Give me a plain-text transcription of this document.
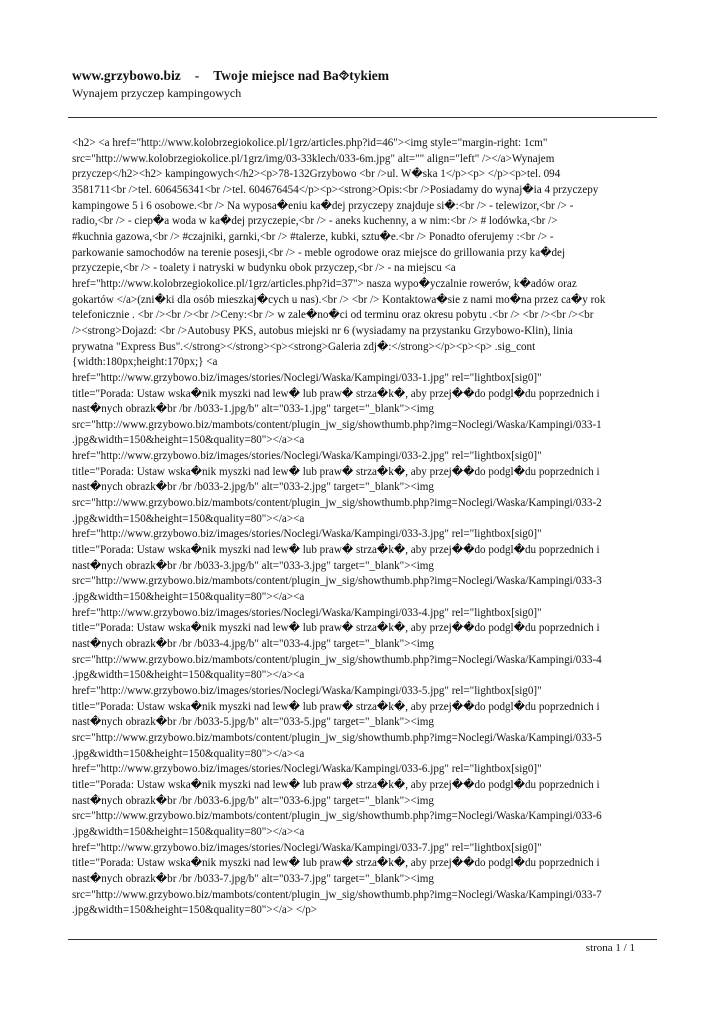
www.grzybowo.biz - Twoje miejsce nad Ba⯑tykiem
Wynajem przyczep kampingowych
<h2> <a href="http://www.kolobrzegiokolice.pl/1grz/articles.php?id=46"><img style="margin-right: 1cm"
src="http://www.kolobrzegiokolice.pl/1grz/img/03-33klech/033-6m.jpg" alt="" align="left" /></a>Wynajem
przyczep</h2><h2> kampingowych</h2><p>78-132Grzybowo <br />ul. W�ska 1</p><p> </p><p>tel. 094
3581711<br />tel. 606456341<br />tel. 604676454</p><p><strong>Opis:<br />Posiadamy do wynaj�ia 4 przyczepy
kampingowe 5 i 6 osobowe.<br /> Na wyposa�eniu ka�dej przyczepy znajduje si�:<br /> - telewizor,<br /> -
radio,<br /> - ciep�a woda w ka�dej przyczepie,<br /> - aneks kuchenny, a w nim:<br /> # lodówka,<br />
#kuchnia gazowa,<br /> #czajniki, garnki,<br /> #talerze, kubki, sztu�e.<br /> Ponadto oferujemy :<br /> -
parkowanie samochodów na terenie posesji,<br /> - meble ogrodowe oraz miejsce do grillowania przy ka�dej
przyczepie,<br /> - toalety i natryski w budynku obok przyczep,<br /> - na miejscu <a
href="http://www.kolobrzegiokolice.pl/1grz/articles.php?id=37"> nasza wypo�yczalnie rowerów, k�adów oraz
gokartów </a>(zni�ki dla osób mieszkaj�cych u nas).<br /> <br /> Kontaktowa�sie z nami mo�na przez ca�y rok
telefonicznie . <br /><br /><br />Ceny:<br /> w zale�no�ci od terminu oraz okresu pobytu .<br /> <br /><br /><br
/><strong>Dojazd: <br />Autobusy PKS, autobus miejski nr 6 (wysiadamy na przystanku Grzybowo-Klin), linia
prywatna "Express Bus".</strong></strong><p><strong>Galeria zdj�:</strong></p><p><p> .sig_cont
{width:180px;height:170px;} <a
href="http://www.grzybowo.biz/images/stories/Noclegi/Waska/Kampingi/033-1.jpg" rel="lightbox[sig0]"
title="Porada: Ustaw wska�nik myszki nad lew� lub praw� strza�k�, aby przej��do podgl�du poprzednich i
nast�nych obrazk�br /br /b033-1.jpg/b" alt="033-1.jpg" target="_blank"><img
src="http://www.grzybowo.biz/mambots/content/plugin_jw_sig/showthumb.php?img=Noclegi/Waska/Kampingi/033-1
.jpg&width=150&height=150&quality=80"></a><a
href="http://www.grzybowo.biz/images/stories/Noclegi/Waska/Kampingi/033-2.jpg" rel="lightbox[sig0]"
title="Porada: Ustaw wska�nik myszki nad lew� lub praw� strza�k�, aby przej��do podgl�du poprzednich i
nast�nych obrazk�br /br /b033-2.jpg/b" alt="033-2.jpg" target="_blank"><img
src="http://www.grzybowo.biz/mambots/content/plugin_jw_sig/showthumb.php?img=Noclegi/Waska/Kampingi/033-2
.jpg&width=150&height=150&quality=80"></a><a
href="http://www.grzybowo.biz/images/stories/Noclegi/Waska/Kampingi/033-3.jpg" rel="lightbox[sig0]"
title="Porada: Ustaw wska�nik myszki nad lew� lub praw� strza�k�, aby przej��do podgl�du poprzednich i
nast�nych obrazk�br /br /b033-3.jpg/b" alt="033-3.jpg" target="_blank"><img
src="http://www.grzybowo.biz/mambots/content/plugin_jw_sig/showthumb.php?img=Noclegi/Waska/Kampingi/033-3
.jpg&width=150&height=150&quality=80"></a><a
href="http://www.grzybowo.biz/images/stories/Noclegi/Waska/Kampingi/033-4.jpg" rel="lightbox[sig0]"
title="Porada: Ustaw wska�nik myszki nad lew� lub praw� strza�k�, aby przej��do podgl�du poprzednich i
nast�nych obrazk�br /br /b033-4.jpg/b" alt="033-4.jpg" target="_blank"><img
src="http://www.grzybowo.biz/mambots/content/plugin_jw_sig/showthumb.php?img=Noclegi/Waska/Kampingi/033-4
.jpg&width=150&height=150&quality=80"></a><a
href="http://www.grzybowo.biz/images/stories/Noclegi/Waska/Kampingi/033-5.jpg" rel="lightbox[sig0]"
title="Porada: Ustaw wska�nik myszki nad lew� lub praw� strza�k�, aby przej��do podgl�du poprzednich i
nast�nych obrazk�br /br /b033-5.jpg/b" alt="033-5.jpg" target="_blank"><img
src="http://www.grzybowo.biz/mambots/content/plugin_jw_sig/showthumb.php?img=Noclegi/Waska/Kampingi/033-5
.jpg&width=150&height=150&quality=80"></a><a
href="http://www.grzybowo.biz/images/stories/Noclegi/Waska/Kampingi/033-6.jpg" rel="lightbox[sig0]"
title="Porada: Ustaw wska�nik myszki nad lew� lub praw� strza�k�, aby przej��do podgl�du poprzednich i
nast�nych obrazk�br /br /b033-6.jpg/b" alt="033-6.jpg" target="_blank"><img
src="http://www.grzybowo.biz/mambots/content/plugin_jw_sig/showthumb.php?img=Noclegi/Waska/Kampingi/033-6
.jpg&width=150&height=150&quality=80"></a><a
href="http://www.grzybowo.biz/images/stories/Noclegi/Waska/Kampingi/033-7.jpg" rel="lightbox[sig0]"
title="Porada: Ustaw wska�nik myszki nad lew� lub praw� strza�k�, aby przej��do podgl�du poprzednich i
nast�nych obrazk�br /br /b033-7.jpg/b" alt="033-7.jpg" target="_blank"><img
src="http://www.grzybowo.biz/mambots/content/plugin_jw_sig/showthumb.php?img=Noclegi/Waska/Kampingi/033-7
.jpg&width=150&height=150&quality=80"></a> </p>
strona 1 / 1
